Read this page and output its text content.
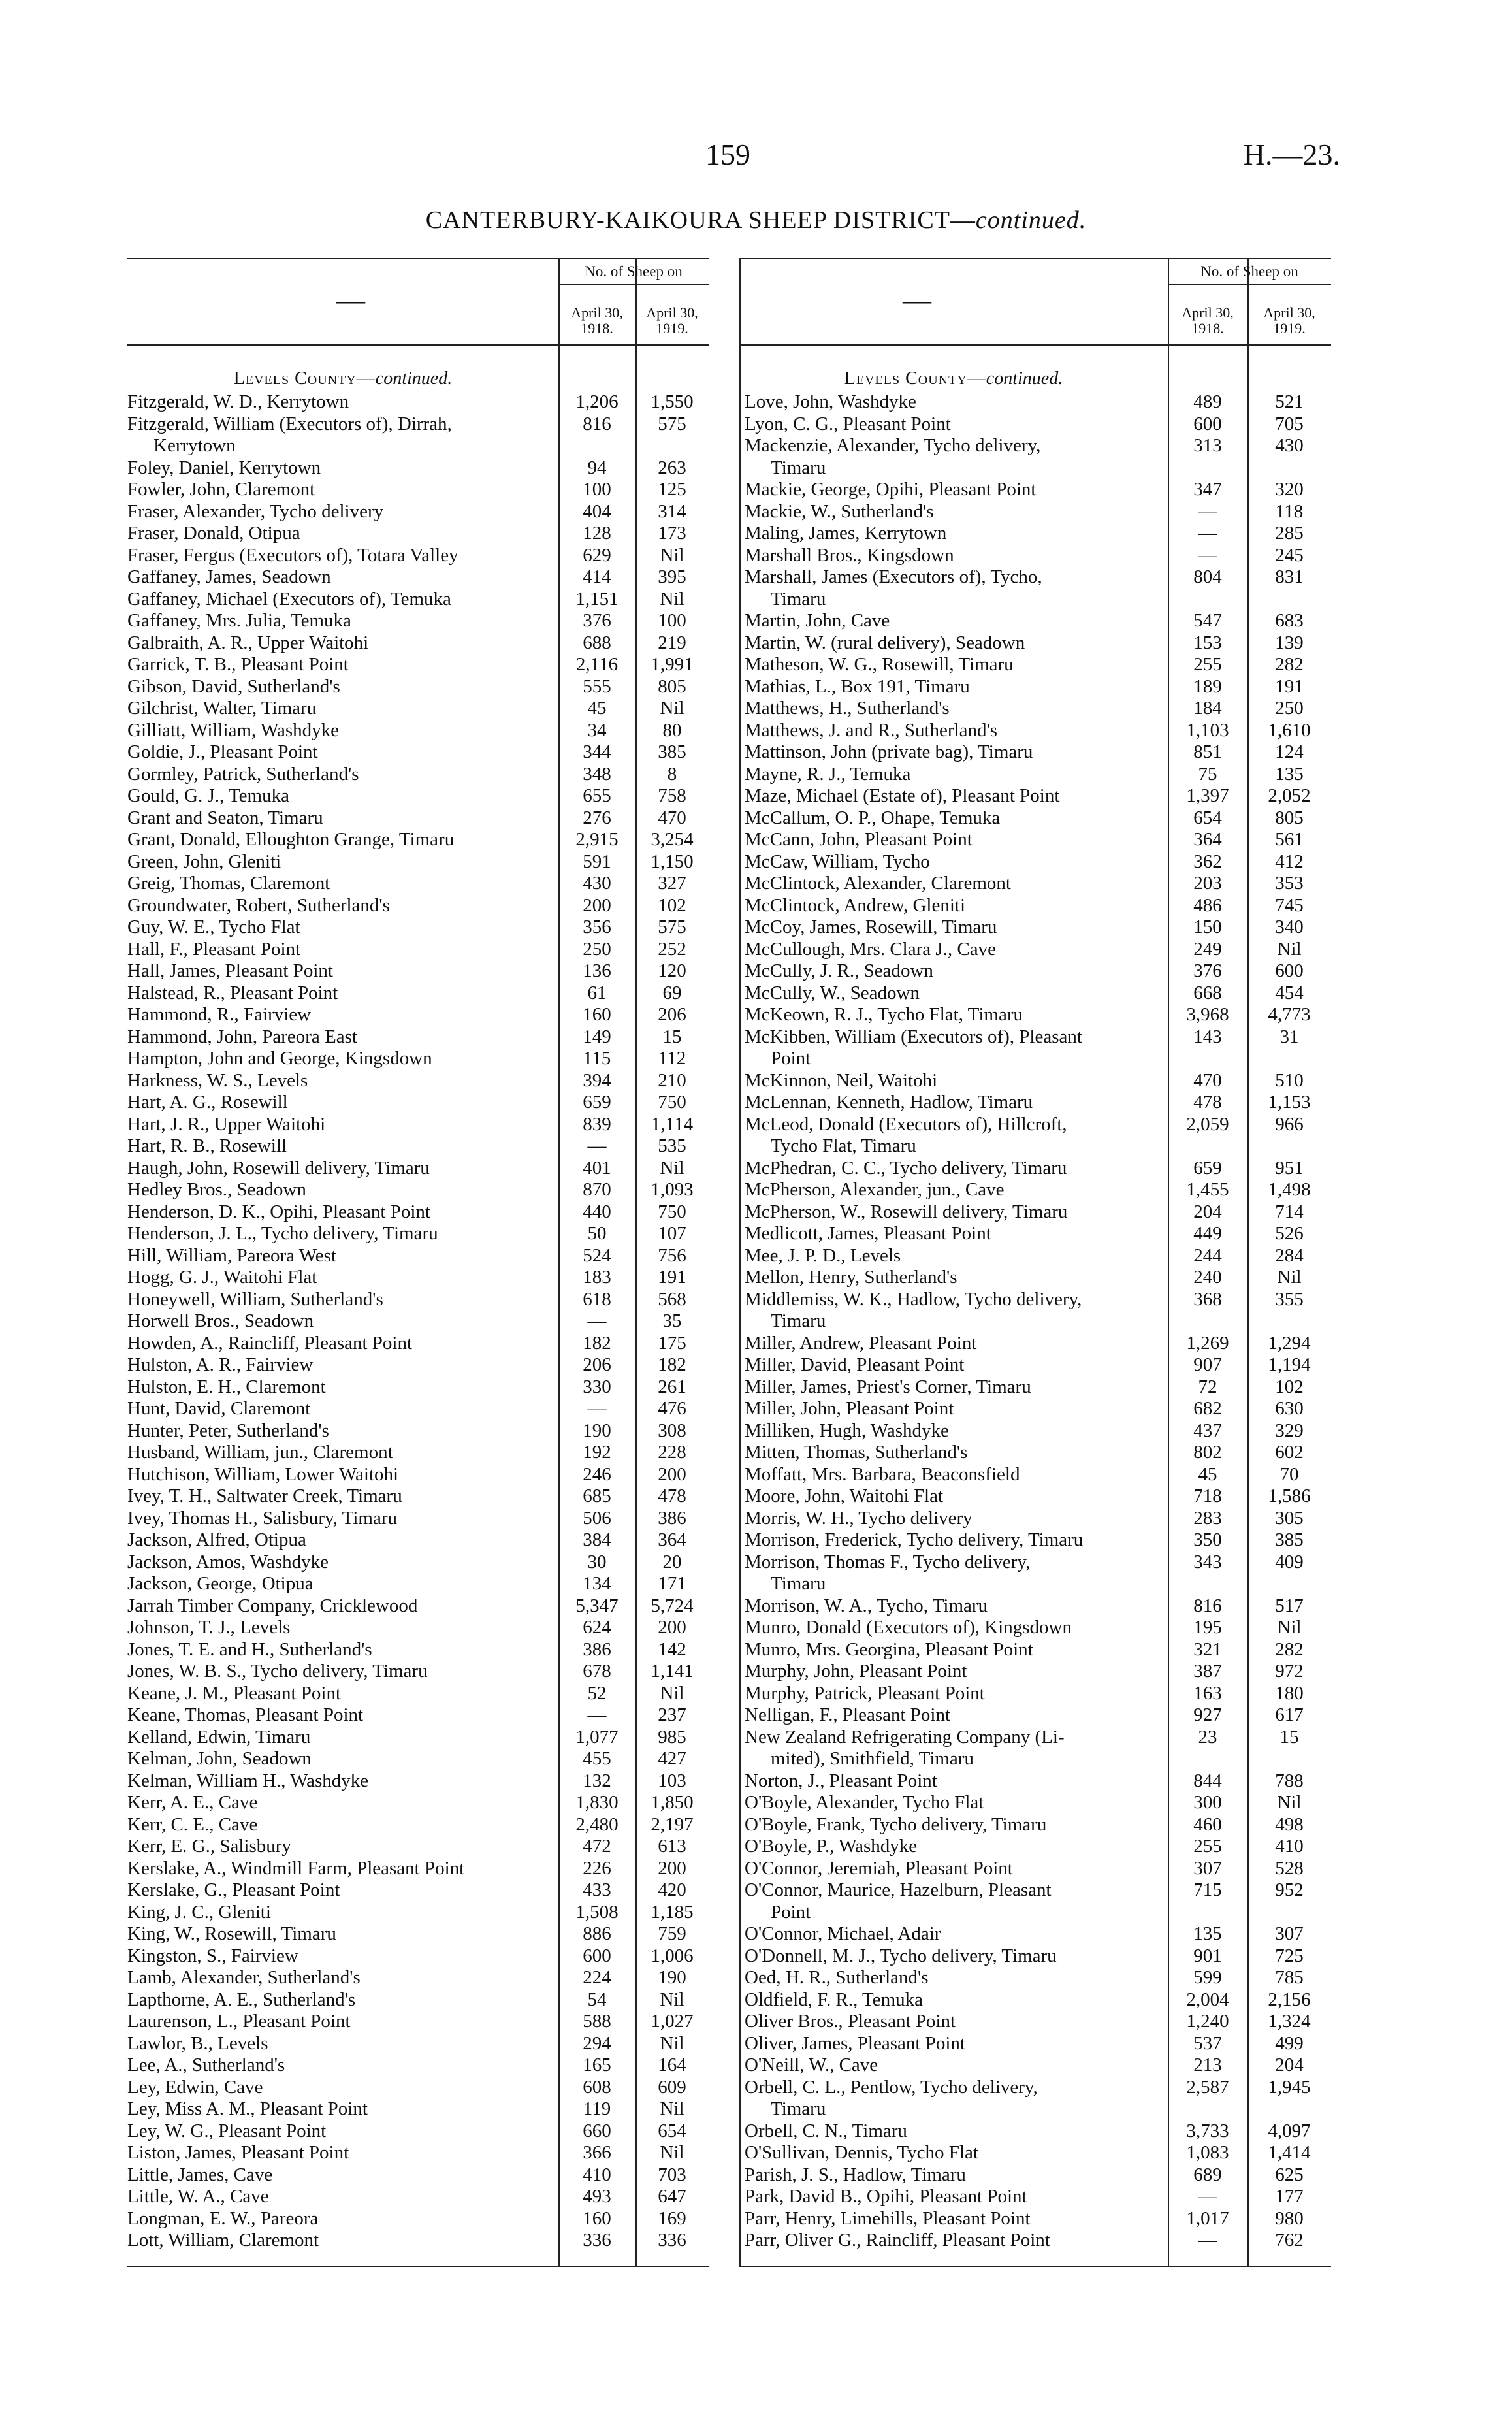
159	H.—23.
CANTERBURY-KAIKOURA SHEEP DISTRICT—continued.
—
No. of Sheep on
April 30,
1918.
April 30,
1919.
Levels County—continued.
Fitzgerald, W. D., Kerrytown	1,206	1,550
Fitzgerald, William (Executors of), Dirrah,	816	575
Kerrytown
Foley, Daniel, Kerrytown	94	263
Fowler, John, Claremont	100	125
Fraser, Alexander, Tycho delivery	404	314
Fraser, Donald, Otipua	128	173
Fraser, Fergus (Executors of), Totara Valley	629	Nil
Gaffaney, James, Seadown	414	395
Gaffaney, Michael (Executors of), Temuka	1,151	Nil
Gaffaney, Mrs. Julia, Temuka	376	100
Galbraith, A. R., Upper Waitohi	688	219
Garrick, T. B., Pleasant Point	2,116	1,991
Gibson, David, Sutherland's	555	805
Gilchrist, Walter, Timaru	45	Nil
Gilliatt, William, Washdyke	34	80
Goldie, J., Pleasant Point	344	385
Gormley, Patrick, Sutherland's	348	8
Gould, G. J., Temuka	655	758
Grant and Seaton, Timaru	276	470
Grant, Donald, Elloughton Grange, Timaru	2,915	3,254
Green, John, Gleniti	591	1,150
Greig, Thomas, Claremont	430	327
Groundwater, Robert, Sutherland's	200	102
Guy, W. E., Tycho Flat	356	575
Hall, F., Pleasant Point	250	252
Hall, James, Pleasant Point	136	120
Halstead, R., Pleasant Point	61	69
Hammond, R., Fairview	160	206
Hammond, John, Pareora East	149	15
Hampton, John and George, Kingsdown	115	112
Harkness, W. S., Levels	394	210
Hart, A. G., Rosewill	659	750
Hart, J. R., Upper Waitohi	839	1,114
Hart, R. B., Rosewill	—	535
Haugh, John, Rosewill delivery, Timaru	401	Nil
Hedley Bros., Seadown	870	1,093
Henderson, D. K., Opihi, Pleasant Point	440	750
Henderson, J. L., Tycho delivery, Timaru	50	107
Hill, William, Pareora West	524	756
Hogg, G. J., Waitohi Flat	183	191
Honeywell, William, Sutherland's	618	568
Horwell Bros., Seadown	—	35
Howden, A., Raincliff, Pleasant Point	182	175
Hulston, A. R., Fairview	206	182
Hulston, E. H., Claremont	330	261
Hunt, David, Claremont	—	476
Hunter, Peter, Sutherland's	190	308
Husband, William, jun., Claremont	192	228
Hutchison, William, Lower Waitohi	246	200
Ivey, T. H., Saltwater Creek, Timaru	685	478
Ivey, Thomas H., Salisbury, Timaru	506	386
Jackson, Alfred, Otipua	384	364
Jackson, Amos, Washdyke	30	20
Jackson, George, Otipua	134	171
Jarrah Timber Company, Cricklewood	5,347	5,724
Johnson, T. J., Levels	624	200
Jones, T. E. and H., Sutherland's	386	142
Jones, W. B. S., Tycho delivery, Timaru	678	1,141
Keane, J. M., Pleasant Point	52	Nil
Keane, Thomas, Pleasant Point	—	237
Kelland, Edwin, Timaru	1,077	985
Kelman, John, Seadown	455	427
Kelman, William H., Washdyke	132	103
Kerr, A. E., Cave	1,830	1,850
Kerr, C. E., Cave	2,480	2,197
Kerr, E. G., Salisbury	472	613
Kerslake, A., Windmill Farm, Pleasant Point	226	200
Kerslake, G., Pleasant Point	433	420
King, J. C., Gleniti	1,508	1,185
King, W., Rosewill, Timaru	886	759
Kingston, S., Fairview	600	1,006
Lamb, Alexander, Sutherland's	224	190
Lapthorne, A. E., Sutherland's	54	Nil
Laurenson, L., Pleasant Point	588	1,027
Lawlor, B., Levels	294	Nil
Lee, A., Sutherland's	165	164
Ley, Edwin, Cave	608	609
Ley, Miss A. M., Pleasant Point	119	Nil
Ley, W. G., Pleasant Point	660	654
Liston, James, Pleasant Point	366	Nil
Little, James, Cave	410	703
Little, W. A., Cave	493	647
Longman, E. W., Pareora	160	169
Lott, William, Claremont	336	336
—
No. of Sheep on
April 30,
1918.
April 30,
1919.
Levels County—continued.
Love, John, Washdyke	489	521
Lyon, C. G., Pleasant Point	600	705
Mackenzie, Alexander, Tycho delivery,	313	430
Timaru
Mackie, George, Opihi, Pleasant Point	347	320
Mackie, W., Sutherland's	—	118
Maling, James, Kerrytown	—	285
Marshall Bros., Kingsdown	—	245
Marshall, James (Executors of), Tycho,	804	831
Timaru
Martin, John, Cave	547	683
Martin, W. (rural delivery), Seadown	153	139
Matheson, W. G., Rosewill, Timaru	255	282
Mathias, L., Box 191, Timaru	189	191
Matthews, H., Sutherland's	184	250
Matthews, J. and R., Sutherland's	1,103	1,610
Mattinson, John (private bag), Timaru	851	124
Mayne, R. J., Temuka	75	135
Maze, Michael (Estate of), Pleasant Point	1,397	2,052
McCallum, O. P., Ohape, Temuka	654	805
McCann, John, Pleasant Point	364	561
McCaw, William, Tycho	362	412
McClintock, Alexander, Claremont	203	353
McClintock, Andrew, Gleniti	486	745
McCoy, James, Rosewill, Timaru	150	340
McCullough, Mrs. Clara J., Cave	249	Nil
McCully, J. R., Seadown	376	600
McCully, W., Seadown	668	454
McKeown, R. J., Tycho Flat, Timaru	3,968	4,773
McKibben, William (Executors of), Pleasant	143	31
Point
McKinnon, Neil, Waitohi	470	510
McLennan, Kenneth, Hadlow, Timaru	478	1,153
McLeod, Donald (Executors of), Hillcroft,	2,059	966
Tycho Flat, Timaru
McPhedran, C. C., Tycho delivery, Timaru	659	951
McPherson, Alexander, jun., Cave	1,455	1,498
McPherson, W., Rosewill delivery, Timaru	204	714
Medlicott, James, Pleasant Point	449	526
Mee, J. P. D., Levels	244	284
Mellon, Henry, Sutherland's	240	Nil
Middlemiss, W. K., Hadlow, Tycho delivery,	368	355
Timaru
Miller, Andrew, Pleasant Point	1,269	1,294
Miller, David, Pleasant Point	907	1,194
Miller, James, Priest's Corner, Timaru	72	102
Miller, John, Pleasant Point	682	630
Milliken, Hugh, Washdyke	437	329
Mitten, Thomas, Sutherland's	802	602
Moffatt, Mrs. Barbara, Beaconsfield	45	70
Moore, John, Waitohi Flat	718	1,586
Morris, W. H., Tycho delivery	283	305
Morrison, Frederick, Tycho delivery, Timaru	350	385
Morrison, Thomas F., Tycho delivery,	343	409
Timaru
Morrison, W. A., Tycho, Timaru	816	517
Munro, Donald (Executors of), Kingsdown	195	Nil
Munro, Mrs. Georgina, Pleasant Point	321	282
Murphy, John, Pleasant Point	387	972
Murphy, Patrick, Pleasant Point	163	180
Nelligan, F., Pleasant Point	927	617
New Zealand Refrigerating Company (Li-	23	15
mited), Smithfield, Timaru
Norton, J., Pleasant Point	844	788
O'Boyle, Alexander, Tycho Flat	300	Nil
O'Boyle, Frank, Tycho delivery, Timaru	460	498
O'Boyle, P., Washdyke	255	410
O'Connor, Jeremiah, Pleasant Point	307	528
O'Connor, Maurice, Hazelburn, Pleasant	715	952
Point
O'Connor, Michael, Adair	135	307
O'Donnell, M. J., Tycho delivery, Timaru	901	725
Oed, H. R., Sutherland's	599	785
Oldfield, F. R., Temuka	2,004	2,156
Oliver Bros., Pleasant Point	1,240	1,324
Oliver, James, Pleasant Point	537	499
O'Neill, W., Cave	213	204
Orbell, C. L., Pentlow, Tycho delivery,	2,587	1,945
Timaru
Orbell, C. N., Timaru	3,733	4,097
O'Sullivan, Dennis, Tycho Flat	1,083	1,414
Parish, J. S., Hadlow, Timaru	689	625
Park, David B., Opihi, Pleasant Point	—	177
Parr, Henry, Limehills, Pleasant Point	1,017	980
Parr, Oliver G., Raincliff, Pleasant Point	—	762
